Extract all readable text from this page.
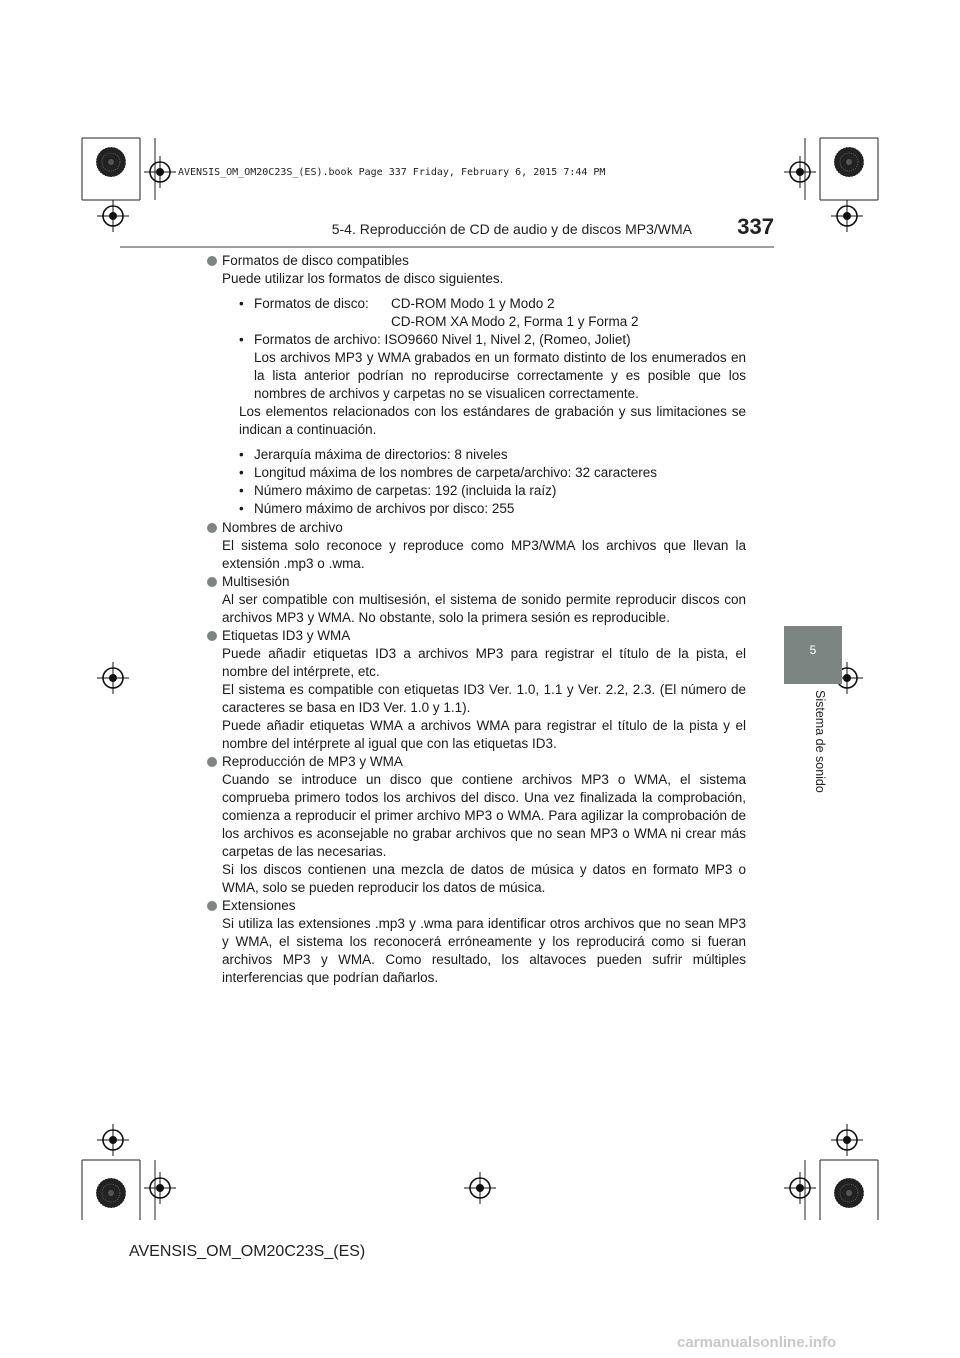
AVENSIS_OM_OM20C23S_(ES).book Page 337 Friday, February 6, 2015 7:44 PM
5-4. Reproducción de CD de audio y de discos MP3/WMA 337
5
Sistema de sonido

Formatos de disco compatibles

Puede utilizar los formatos de disco siguientes.

• Formatos de disco:	CD-ROM Modo 1 y Modo 2
CD-ROM XA Modo 2, Forma 1 y Forma 2
• Formatos de archivo: ISO9660 Nivel 1, Nivel 2, (Romeo, Joliet)
Los archivos MP3 y WMA grabados en un formato distinto de los enumerados en la lista anterior podrían no reproducirse correctamente y es posible que los nombres de archivos y carpetas no se visualicen correctamente.

Los elementos relacionados con los estándares de grabación y sus limitaciones se indican a continuación.

• Jerarquía máxima de directorios: 8 niveles
• Longitud máxima de los nombres de carpeta/archivo: 32 caracteres
• Número máximo de carpetas: 192 (incluida la raíz)
• Número máximo de archivos por disco: 255

Nombres de archivo

El sistema solo reconoce y reproduce como MP3/WMA los archivos que llevan la extensión .mp3 o .wma.

Multisesión

Al ser compatible con multisesión, el sistema de sonido permite reproducir discos con archivos MP3 y WMA. No obstante, solo la primera sesión es reproducible.

Etiquetas ID3 y WMA

Puede añadir etiquetas ID3 a archivos MP3 para registrar el título de la pista, el nombre del intérprete, etc.

El sistema es compatible con etiquetas ID3 Ver. 1.0, 1.1 y Ver. 2.2, 2.3. (El número de caracteres se basa en ID3 Ver. 1.0 y 1.1).

Puede añadir etiquetas WMA a archivos WMA para registrar el título de la pista y el nombre del intérprete al igual que con las etiquetas ID3.

Reproducción de MP3 y WMA

Cuando se introduce un disco que contiene archivos MP3 o WMA, el sistema comprueba primero todos los archivos del disco. Una vez finalizada la comprobación, comienza a reproducir el primer archivo MP3 o WMA. Para agilizar la comprobación de los archivos es aconsejable no grabar archivos que no sean MP3 o WMA ni crear más carpetas de las necesarias.

Si los discos contienen una mezcla de datos de música y datos en formato MP3 o WMA, solo se pueden reproducir los datos de música.

Extensiones

Si utiliza las extensiones .mp3 y .wma para identificar otros archivos que no sean MP3 y WMA, el sistema los reconocerá erróneamente y los reproducirá como si fueran archivos MP3 y WMA. Como resultado, los altavoces pueden sufrir múltiples interferencias que podrían dañarlos.

AVENSIS_OM_OM20C23S_(ES)
carmanualsonline.info
